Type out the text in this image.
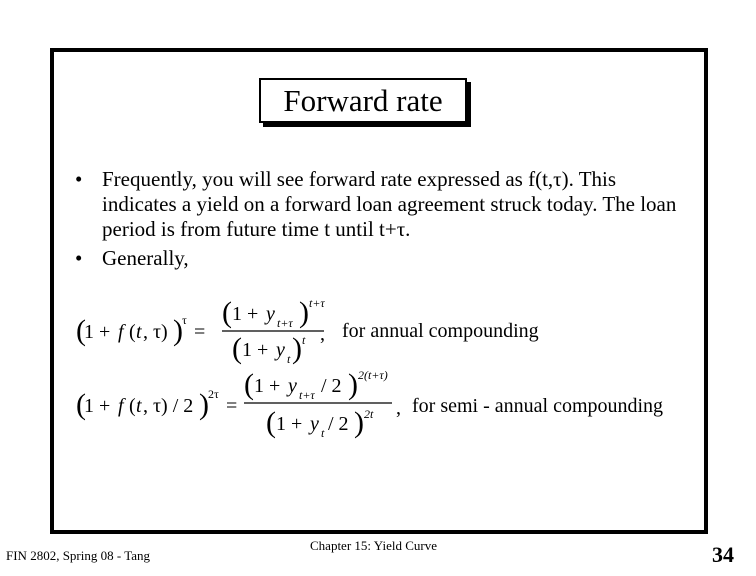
Forward rate
• Frequently, you will see forward rate expressed as f(t,τ). This indicates a yield on a forward loan agreement struck today. The loan period is from future time t until t+τ.
• Generally,
(
1 + f ( t , τ) ) τ
=
( 1 + y t+τ ) t+τ
( 1 + y t ) t , for annual compounding
(
1 + f ( t , τ) / 2 ) 2τ
=
( 1 + y t+τ / 2 ) 2(t+τ)
( 1 + y t / 2 ) 2t , for semi - annual compounding
FIN 2802, Spring 08 - Tang
Chapter 15: Yield Curve	34
